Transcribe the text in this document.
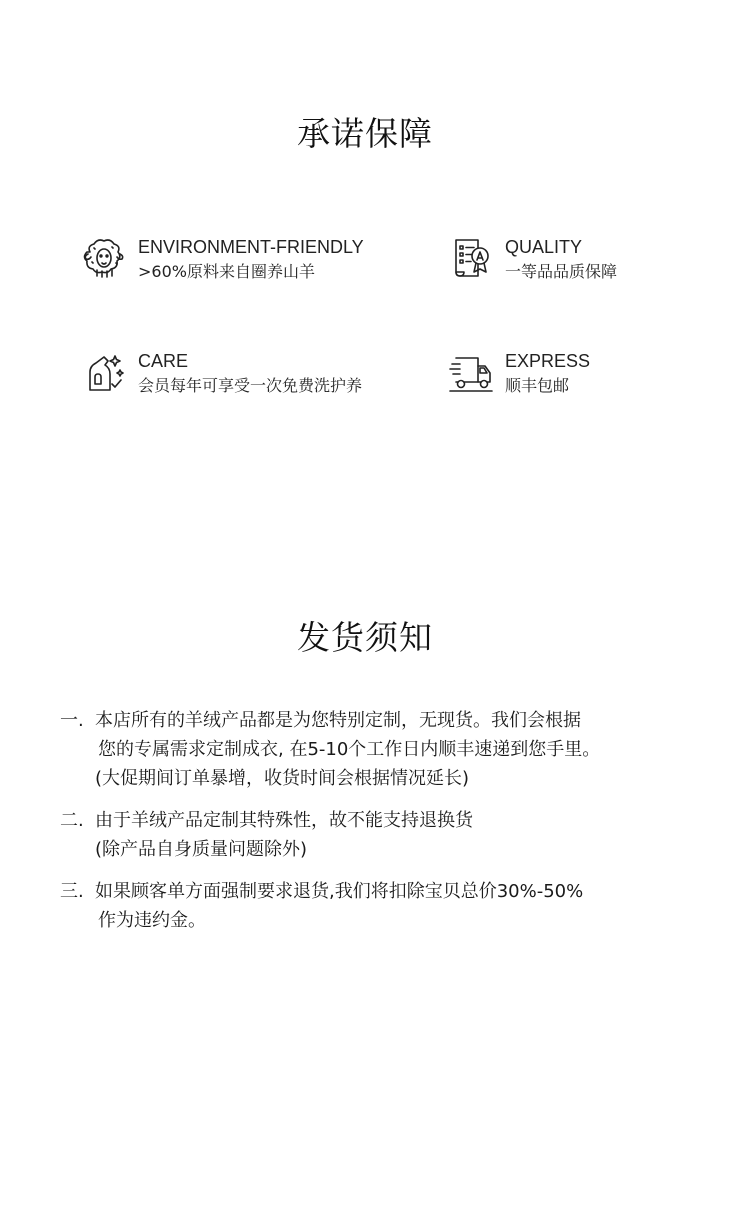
承诺保障
ENVIRONMENT-FRIENDLY
>60%原料来自圈养山羊
QUALITY
一等品品质保障
CARE
会员每年可享受一次免费洗护养
EXPRESS
顺丰包邮
发货须知
一. 本店所有的羊绒产品都是为您特别定制，无现货。我们会根据
您的专属需求定制成衣, 在5-10个工作日内顺丰速递到您手里。
(大促期间订单暴增，收货时间会根据情况延长)
二. 由于羊绒产品定制其特殊性，故不能支持退换货
(除产品自身质量问题除外)
三. 如果顾客单方面强制要求退货,我们将扣除宝贝总价30%-50%
作为违约金。
